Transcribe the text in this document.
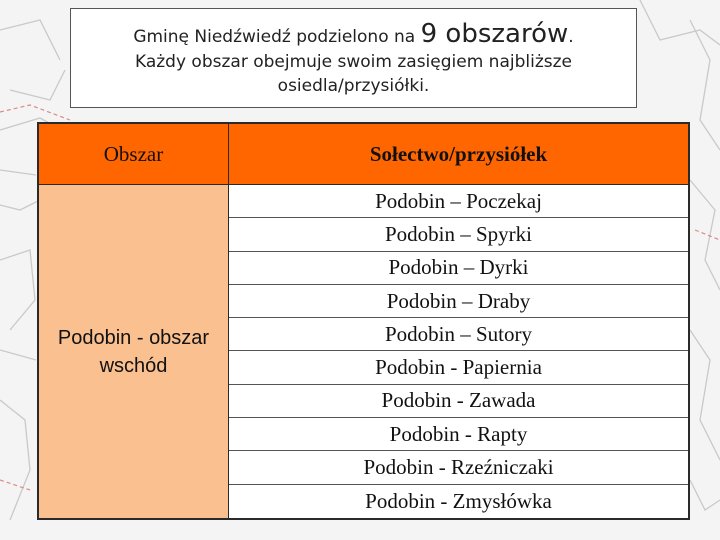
Gminę Niedźwiedź podzielono na 9 obszarów.
Każdy obszar obejmuje swoim zasięgiem najbliższe osiedla/przysiółki.
Obszar	Sołectwo/przysiółek
Podobin - obszar wschód
Podobin – Poczekaj
Podobin – Spyrki
Podobin – Dyrki
Podobin – Draby
Podobin – Sutory
Podobin - Papiernia
Podobin - Zawada
Podobin - Rapty
Podobin - Rzeźniczaki
Podobin - Zmysłówka
